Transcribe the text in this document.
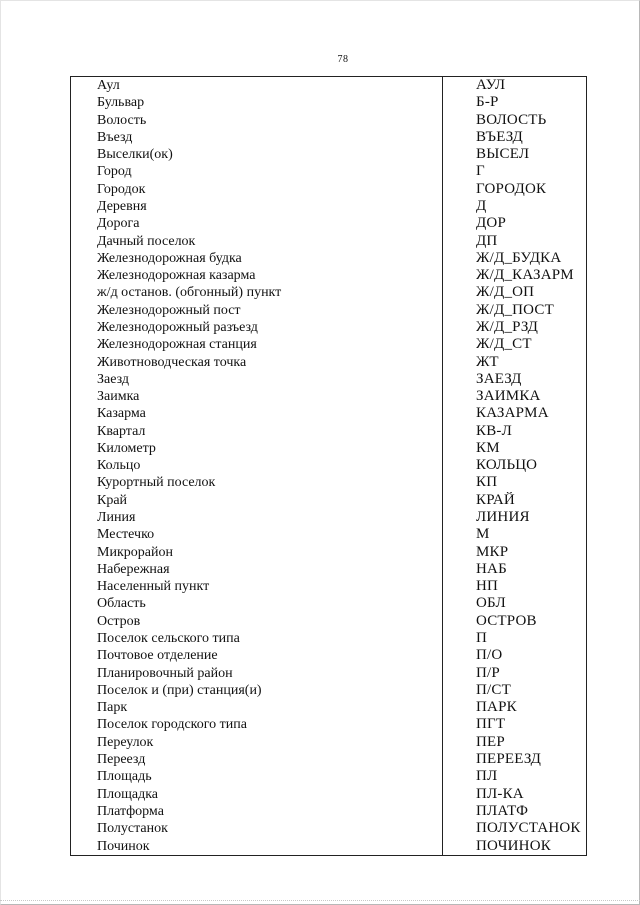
78
Аул	АУЛ
Бульвар	Б-Р
Волость	ВОЛОСТЬ
Въезд	ВЪЕЗД
Выселки(ок)	ВЫСЕЛ
Город	Г
Городок	ГОРОДОК
Деревня	Д
Дорога	ДОР
Дачный поселок	ДП
Железнодорожная будка	Ж/Д_БУДКА
Железнодорожная казарма	Ж/Д_КАЗАРМ
ж/д останов. (обгонный) пункт	Ж/Д_ОП
Железнодорожный пост	Ж/Д_ПОСТ
Железнодорожный разъезд	Ж/Д_РЗД
Железнодорожная станция	Ж/Д_СТ
Животноводческая точка	ЖТ
Заезд	ЗАЕЗД
Заимка	ЗАИМКА
Казарма	КАЗАРМА
Квартал	КВ-Л
Километр	КМ
Кольцо	КОЛЬЦО
Курортный поселок	КП
Край	КРАЙ
Линия	ЛИНИЯ
Местечко	М
Микрорайон	МКР
Набережная	НАБ
Населенный пункт	НП
Область	ОБЛ
Остров	ОСТРОВ
Поселок сельского типа	П
Почтовое отделение	П/О
Планировочный район	П/Р
Поселок и (при) станция(и)	П/СТ
Парк	ПАРК
Поселок городского типа	ПГТ
Переулок	ПЕР
Переезд	ПЕРЕЕЗД
Площадь	ПЛ
Площадка	ПЛ-КА
Платформа	ПЛАТФ
Полустанок	ПОЛУСТАНОК
Починок	ПОЧИНОК
